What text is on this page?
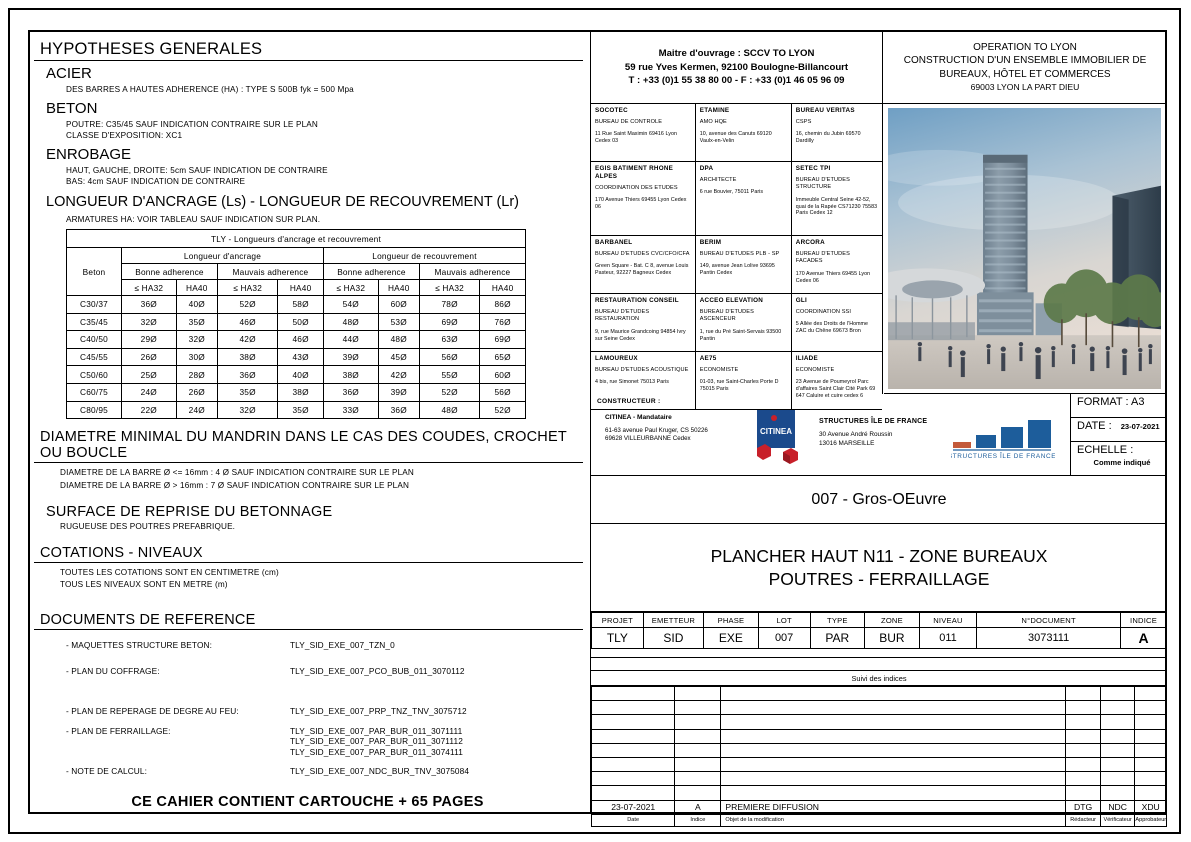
HYPOTHESES GENERALES
ACIER
DES BARRES A HAUTES ADHERENCE (HA) : TYPE S 500B fyk = 500 Mpa
BETON
POUTRE: C35/45 SAUF INDICATION CONTRAIRE SUR LE PLAN
CLASSE D'EXPOSITION: XC1
ENROBAGE
HAUT, GAUCHE, DROITE: 5cm SAUF INDICATION DE CONTRAIRE
BAS: 4cm SAUF INDICATION DE CONTRAIRE
LONGUEUR D'ANCRAGE (Ls) - LONGUEUR DE RECOUVREMENT (Lr)
ARMATURES HA: VOIR TABLEAU SAUF INDICATION SUR PLAN.
TLY - Longueurs d'ancrage et recouvrement								
Beton	Longueur d'ancrage				Longueur de recouvrement			
	Bonne adherence		Mauvais adherence		Bonne adherence		Mauvais adherence	
	≤ HA32	HA40	≤ HA32	HA40	≤ HA32	HA40	≤ HA32	HA40
C30/37	36Ø	40Ø	52Ø	58Ø	54Ø	60Ø	78Ø	86Ø
C35/45	32Ø	35Ø	46Ø	50Ø	48Ø	53Ø	69Ø	76Ø
C40/50	29Ø	32Ø	42Ø	46Ø	44Ø	48Ø	63Ø	69Ø
C45/55	26Ø	30Ø	38Ø	43Ø	39Ø	45Ø	56Ø	65Ø
C50/60	25Ø	28Ø	36Ø	40Ø	38Ø	42Ø	55Ø	60Ø
C60/75	24Ø	26Ø	35Ø	38Ø	36Ø	39Ø	52Ø	56Ø
C80/95	22Ø	24Ø	32Ø	35Ø	33Ø	36Ø	48Ø	52Ø
DIAMETRE MINIMAL DU MANDRIN DANS LE CAS DES COUDES, CROCHET OU BOUCLE
DIAMETRE DE LA BARRE Ø <= 16mm : 4 Ø SAUF INDICATION CONTRAIRE SUR LE PLAN
DIAMETRE DE LA BARRE Ø > 16mm : 7 Ø SAUF INDICATION CONTRAIRE SUR LE PLAN
SURFACE DE REPRISE DU BETONNAGE
RUGUEUSE DES POUTRES PREFABRIQUE.
COTATIONS - NIVEAUX
TOUTES LES COTATIONS SONT EN CENTIMETRE (cm)
TOUS LES NIVEAUX SONT EN METRE (m)
DOCUMENTS DE REFERENCE
- MAQUETTES STRUCTURE BETON:	TLY_SID_EXE_007_TZN_0
- PLAN DU COFFRAGE:	TLY_SID_EXE_007_PCO_BUB_011_3070112
- PLAN DE REPERAGE DE DEGRE AU FEU:	TLY_SID_EXE_007_PRP_TNZ_TNV_3075712
- PLAN DE FERRAILLAGE:	TLY_SID_EXE_007_PAR_BUR_011_3071111
TLY_SID_EXE_007_PAR_BUR_011_3071112
TLY_SID_EXE_007_PAR_BUR_011_3074111
- NOTE DE CALCUL:	TLY_SID_EXE_007_NDC_BUR_TNV_3075084
CE CAHIER CONTIENT CARTOUCHE + 65 PAGES
Maitre d'ouvrage : SCCV TO LYON
59 rue Yves Kermen, 92100 Boulogne-Billancourt
T : +33 (0)1 55 38 80 00 - F : +33 (0)1 46 05 96 09
OPERATION TO LYON
CONSTRUCTION D'UN ENSEMBLE IMMOBILIER DE
BUREAUX, HÔTEL ET COMMERCES
69003 LYON LA PART DIEU
SOCOTEC
BUREAU DE CONTROLE
11 Rue Saint Maximin 69416 Lyon Cedex 03
ETAMINE
AMO HQE
10, avenue des Canuts 69120 Vaulx-en-Velin
BUREAU VERITAS
CSPS
16, chemin du Jubin 69570 Dardilly
EGIS BATIMENT RHONE ALPES
COORDINATION DES ETUDES
170 Avenue Thiers 69455 Lyon Cedex 06
DPA
ARCHITECTE
6 rue Bouvier, 75011 Paris
SETEC TPI
BUREAU D'ETUDES STRUCTURE
Immeuble Central Seine 42-52, quai de la Rapée CS71230 75583 Paris Cedex 12
BARBANEL
BUREAU D'ETUDES CVC/CFO/CFA
Green Square - Bat. C 8, avenue Louis Pasteur, 92227 Bagneux Cedex
BERIM
BUREAU D'ETUDES PLB - SP
149, avenue Jean Lolive 93695 Pantin Cedex
ARCORA
BUREAU D'ETUDES FACADES
170 Avenue Thiers 69455 Lyon Cedex 06
RESTAURATION CONSEIL
BUREAU D'ETUDES RESTAURATION
9, rue Maurice Grandcoing 94854 Ivry sur Seine Cedex
ACCEO ELEVATION
BUREAU D'ETUDES ASCENCEUR
1, rue du Pré Saint-Servais 93500 Pantin
GLI
COORDINATION SSI
5 Allée des Droits de l'Homme ZAC du Chêne 69673 Bron
LAMOUREUX
BUREAU D'ETUDES ACOUSTIQUE
4 bis, rue Simonet 75013 Paris
AE75
ECONOMISTE
01-03, rue Saint-Charles Porte D 75015 Paris
ILIADE
ECONOMISTE
23 Avenue de Poumeyrol Parc d'affaires Saint Clair Cité Park 69 647 Caluire et cuire cedex 6
CONSTRUCTEUR :
CITINEA - Mandataire
61-63 avenue Paul Kruger, CS 50226
69628 VILLEURBANNE Cedex
CITINEA
STRUCTURES ÎLE DE FRANCE
30 Avenue André Roussin
13016 MARSEILLE
STRUCTURES ÎLE DE FRANCE
FORMAT : A3
DATE : 23-07-2021
ECHELLE :
Comme indiqué
007 - Gros-OEuvre
PLANCHER HAUT N11 - ZONE BUREAUX
POUTRES - FERRAILLAGE
PROJET	EMETTEUR	PHASE	LOT	TYPE	ZONE	NIVEAU	N°DOCUMENT	INDICE
TLY	SID	EXE	007	PAR	BUR	011	3073111	A
Suivi des indices

23-07-2021	A	PREMIERE DIFFUSION	DTG	NDC	XDU
Date	Indice	Objet de la modification	Rédacteur	Vérificateur	Approbateur
